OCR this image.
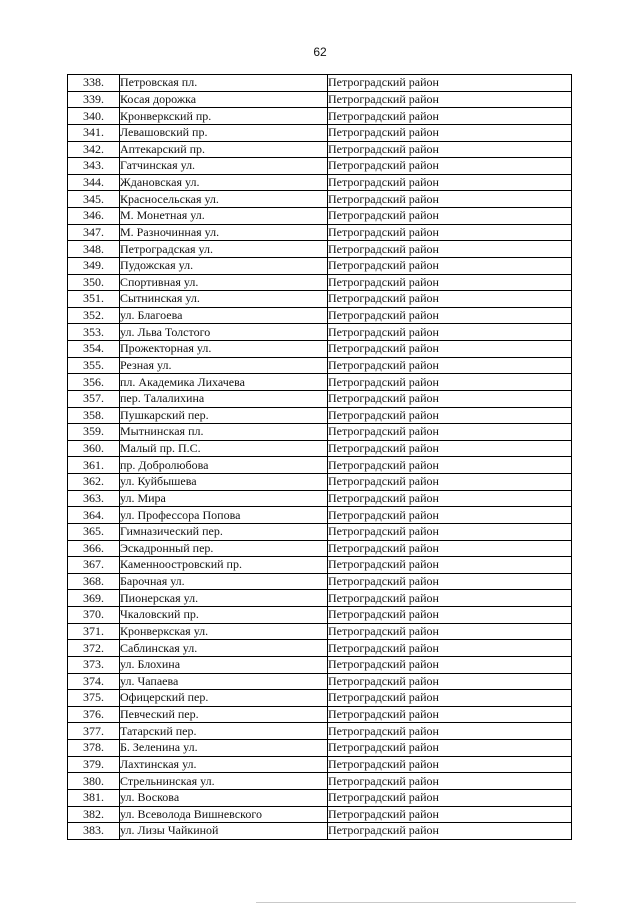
62
338.	Петровская пл.	Петроградский район
339.	Косая дорожка	Петроградский район
340.	Кронверкский пр.	Петроградский район
341.	Левашовский пр.	Петроградский район
342.	Аптекарский пр.	Петроградский район
343.	Гатчинская ул.	Петроградский район
344.	Ждановская ул.	Петроградский район
345.	Красносельская ул.	Петроградский район
346.	М. Монетная ул.	Петроградский район
347.	М. Разночинная ул.	Петроградский район
348.	Петроградская ул.	Петроградский район
349.	Пудожская ул.	Петроградский район
350.	Спортивная ул.	Петроградский район
351.	Сытнинская ул.	Петроградский район
352.	ул. Благоева	Петроградский район
353.	ул. Льва Толстого	Петроградский район
354.	Прожекторная ул.	Петроградский район
355.	Резная ул.	Петроградский район
356.	пл. Академика Лихачева	Петроградский район
357.	пер. Талалихина	Петроградский район
358.	Пушкарский пер.	Петроградский район
359.	Мытнинская пл.	Петроградский район
360.	Малый пр. П.С.	Петроградский район
361.	пр. Добролюбова	Петроградский район
362.	ул. Куйбышева	Петроградский район
363.	ул. Мира	Петроградский район
364.	ул. Профессора Попова	Петроградский район
365.	Гимназический пер.	Петроградский район
366.	Эскадронный пер.	Петроградский район
367.	Каменноостровский пр.	Петроградский район
368.	Барочная ул.	Петроградский район
369.	Пионерская ул.	Петроградский район
370.	Чкаловский пр.	Петроградский район
371.	Кронверкская ул.	Петроградский район
372.	Саблинская ул.	Петроградский район
373.	ул. Блохина	Петроградский район
374.	ул. Чапаева	Петроградский район
375.	Офицерский пер.	Петроградский район
376.	Певческий пер.	Петроградский район
377.	Татарский пер.	Петроградский район
378.	Б. Зеленина ул.	Петроградский район
379.	Лахтинская ул.	Петроградский район
380.	Стрельнинская ул.	Петроградский район
381.	ул. Воскова	Петроградский район
382.	ул. Всеволода Вишневского	Петроградский район
383.	ул. Лизы Чайкиной	Петроградский район
